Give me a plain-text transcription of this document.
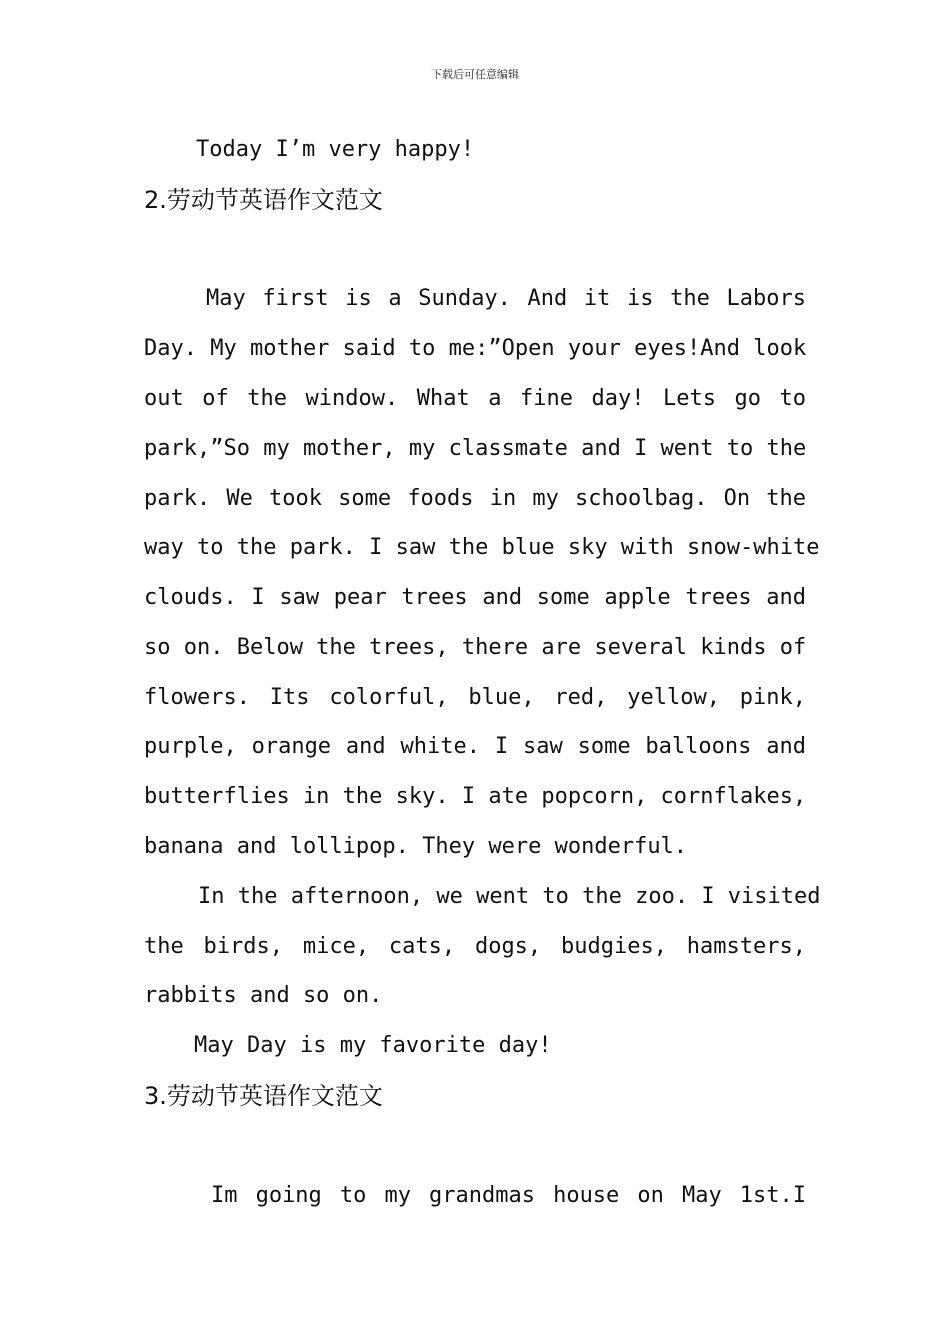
下载后可任意编辑
Today I’m very happy!
2.劳动节英语作文范文
May first is a Sunday. And it is the Labors
Day. My mother said to me:”Open your eyes!And look
out of the window. What a fine day! Lets go to
park,”So my mother, my classmate and I went to the
park. We took some foods in my schoolbag. On the
way to the park. I saw the blue sky with snow-white
clouds. I saw pear trees and some apple trees and
so on. Below the trees, there are several kinds of
flowers. Its colorful, blue, red, yellow, pink,
purple, orange and white. I saw some balloons and
butterflies in the sky. I ate popcorn, cornflakes,
banana and lollipop. They were wonderful.
In the afternoon, we went to the zoo. I visited
the birds, mice, cats, dogs, budgies, hamsters,
rabbits and so on.
May Day is my favorite day!
3.劳动节英语作文范文
Im going to my grandmas house on May 1st.I
